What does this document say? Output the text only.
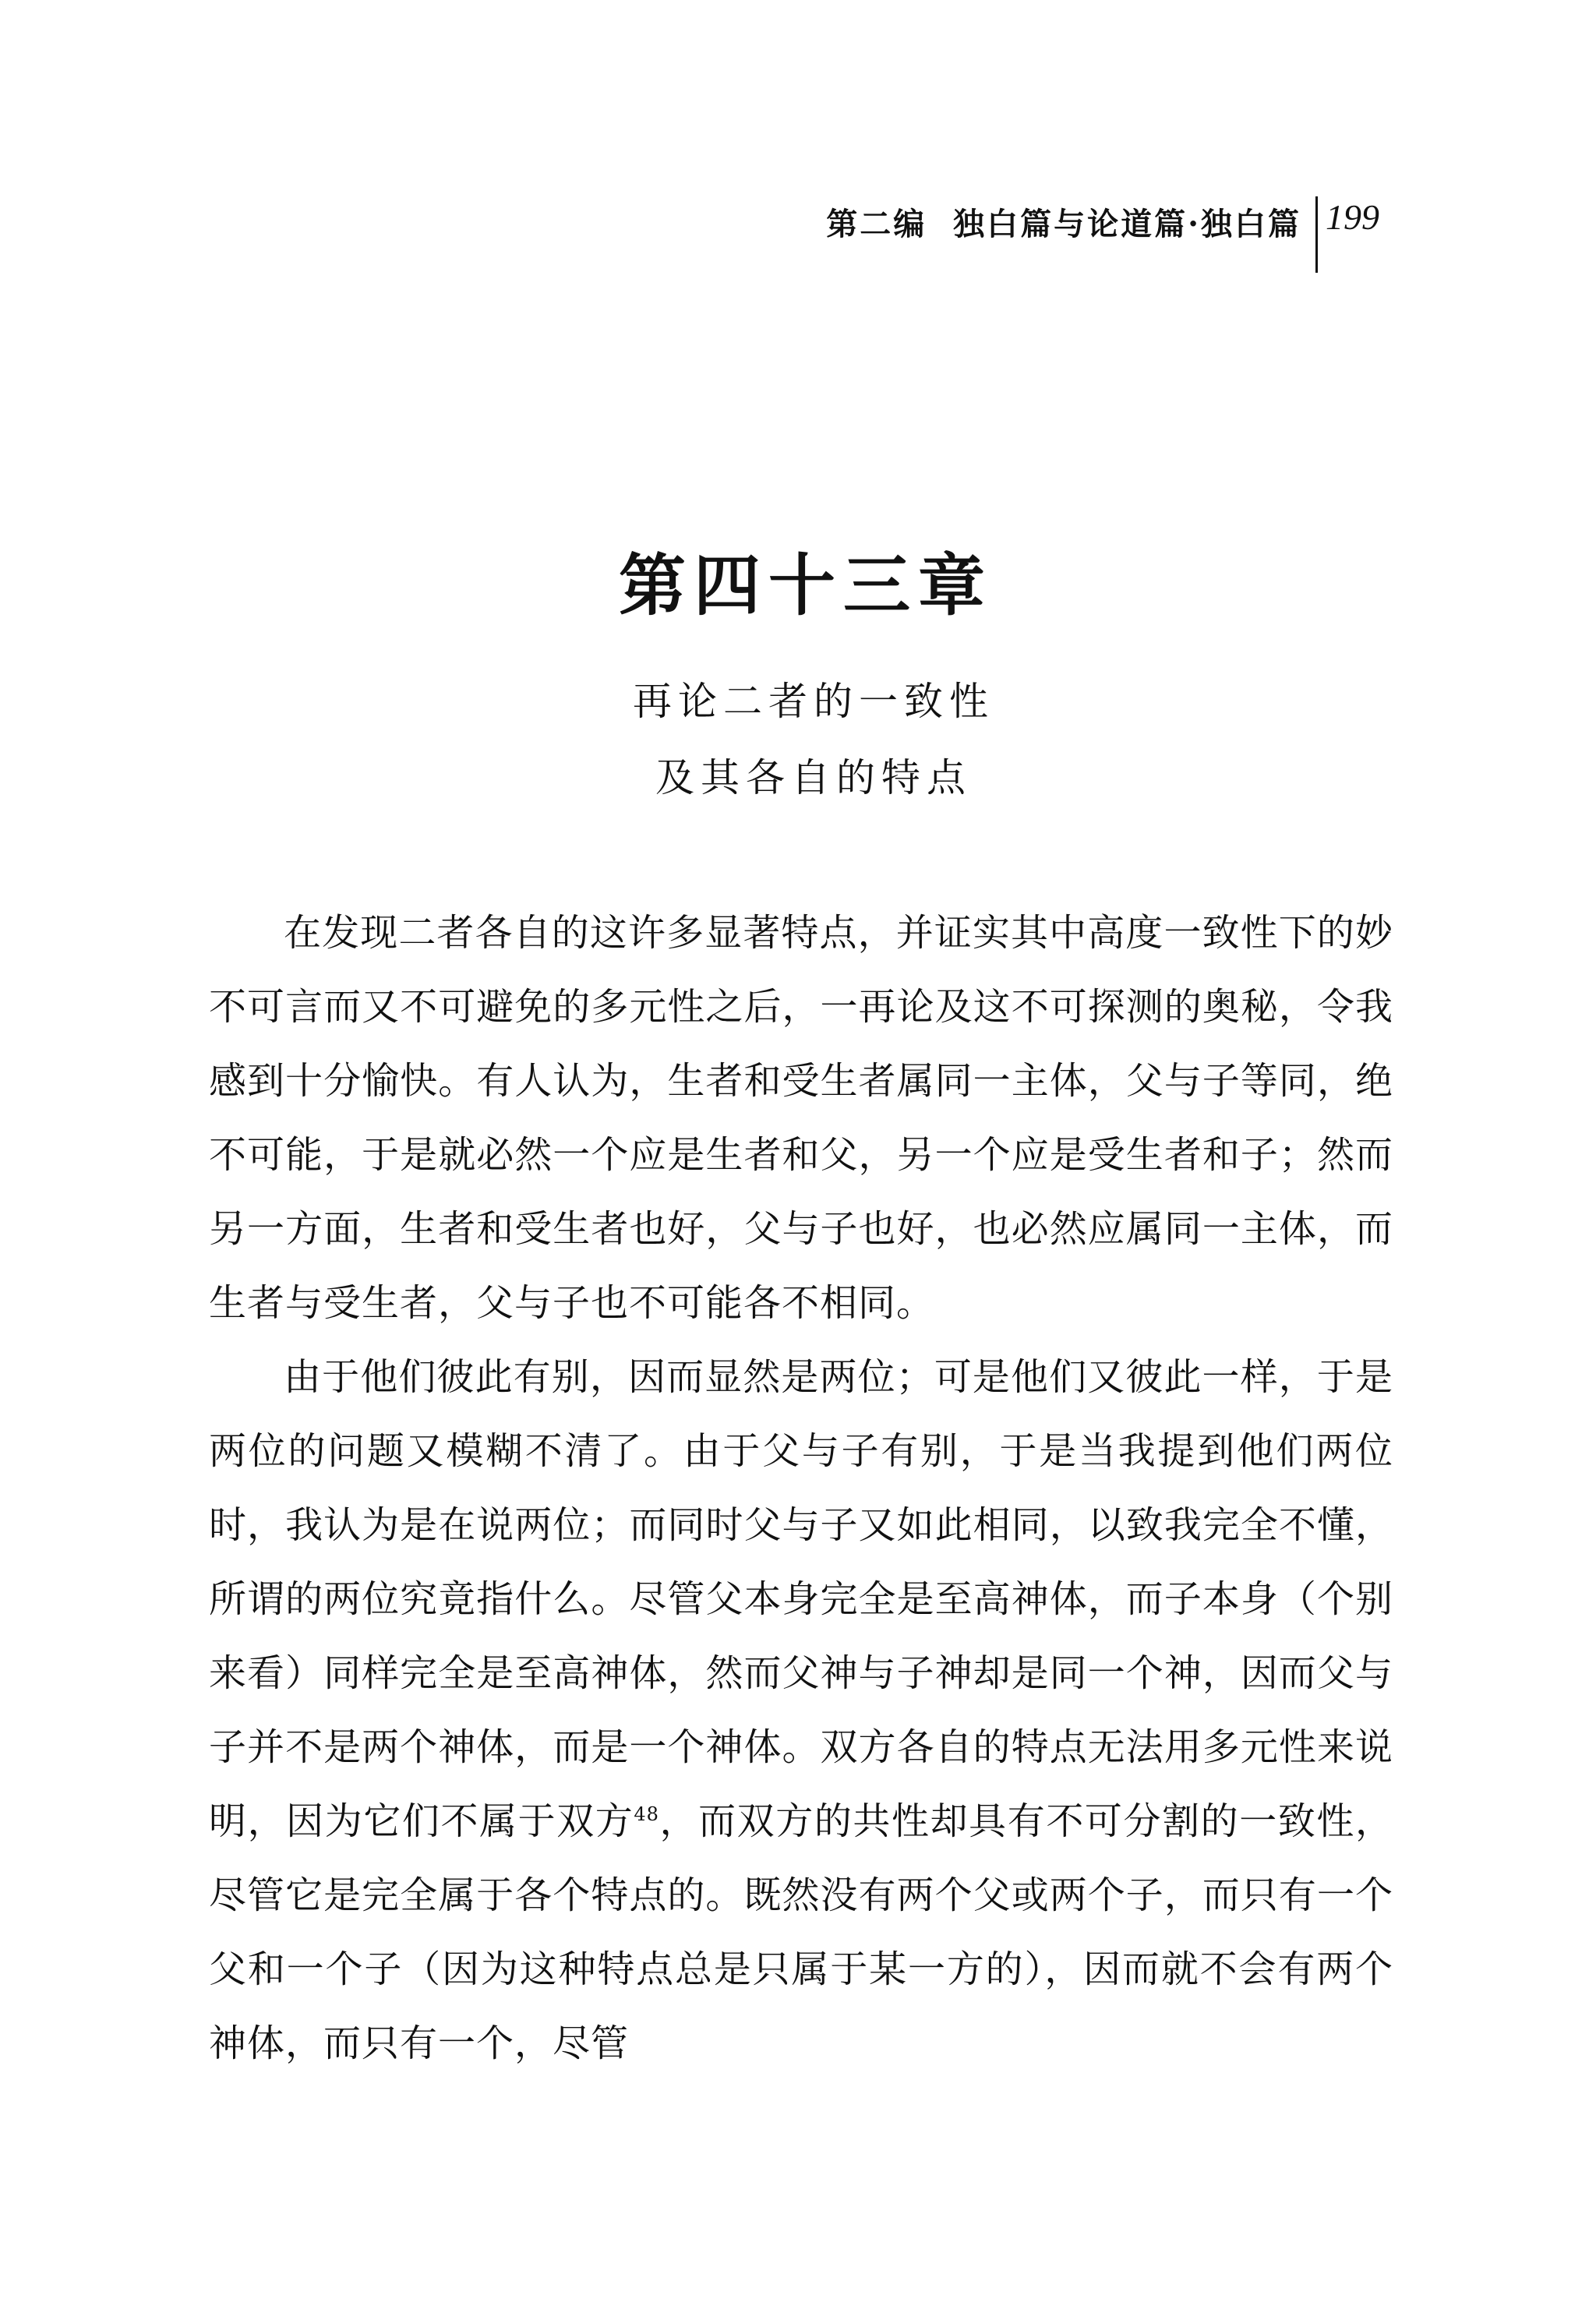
第二编  独白篇与论道篇·独白篇 199
第四十三章
再论二者的一致性
及其各自的特点

在发现二者各自的这许多显著特点，并证实其中高度一致性下的妙不可言而又不可避免的多元性之后，一再论及这不可探测的奥秘，令我感到十分愉快。有人认为，生者和受生者属同一主体，父与子等同，绝不可能，于是就必然一个应是生者和父，另一个应是受生者和子；然而另一方面，生者和受生者也好，父与子也好，也必然应属同一主体，而生者与受生者，父与子也不可能各不相同。

由于他们彼此有别，因而显然是两位；可是他们又彼此一样，于是两位的问题又模糊不清了。由于父与子有别，于是当我提到他们两位时，我认为是在说两位；而同时父与子又如此相同，以致我完全不懂，所谓的两位究竟指什么。尽管父本身完全是至高神体，而子本身（个别来看）同样完全是至高神体，然而父神与子神却是同一个神，因而父与子并不是两个神体，而是一个神体。双方各自的特点无法用多元性来说明，因为它们不属于双方$^{48}$，而双方的共性却具有不可分割的一致性，尽管它是完全属于各个特点的。既然没有两个父或两个子，而只有一个父和一个子（因为这种特点总是只属于某一方的），因而就不会有两个神体，而只有一个，尽管
